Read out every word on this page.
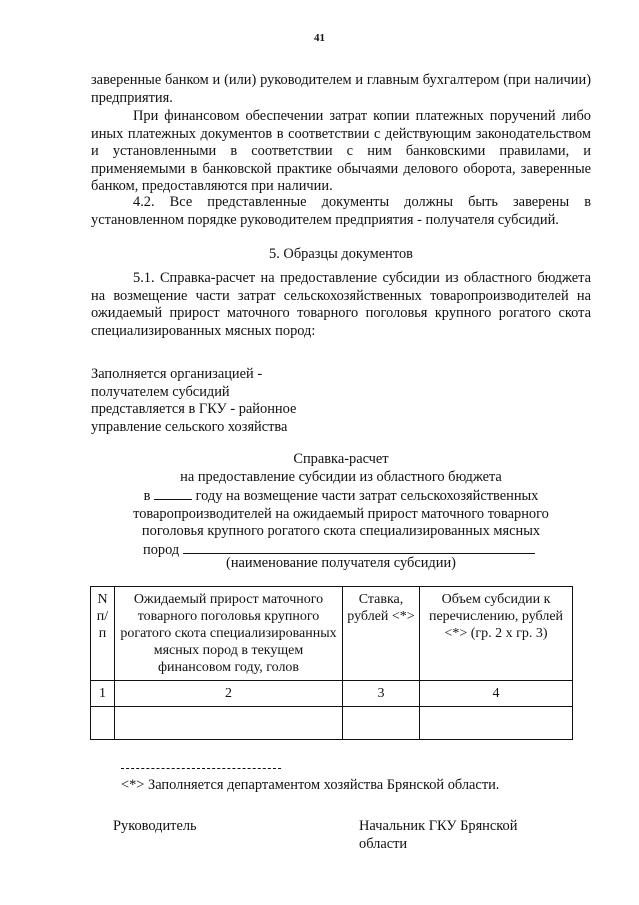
41
заверенные банком и (или) руководителем и главным бухгалтером (при наличии) предприятия.
При финансовом обеспечении затрат копии платежных поручений либо иных платежных документов в соответствии с действующим законодательством и установленными в соответствии с ним банковскими правилами, и применяемыми в банковской практике обычаями делового оборота, заверенные банком, предоставляются при наличии.
4.2. Все представленные документы должны быть заверены в установленном порядке руководителем предприятия - получателя субсидий.
5. Образцы документов
5.1. Справка-расчет на предоставление субсидии из областного бюджета на возмещение части затрат сельскохозяйственных товаропроизводителей на ожидаемый прирост маточного товарного поголовья крупного рогатого скота специализированных мясных пород:

Заполняется организацией -

получателем субсидий

представляется в ГКУ - районное

управление сельского хозяйства

Справка-расчет
на предоставление субсидии из областного бюджета
в	году на возмещение части затрат сельскохозяйственных
товаропроизводителей на ожидаемый прирост маточного товарного
поголовья крупного рогатого скота специализированных мясных
пород
(наименование получателя субсидии)
N п/п	Ожидаемый прирост маточного товарного поголовья крупного рогатого скота специализированных мясных пород в текущем финансовом году, голов	Ставка, рублей <*>	Объем субсидии к перечислению, рублей <*> (гр. 2 x гр. 3)
1	2	3	4

<*> Заполняется департаментом хозяйства Брянской области.
Руководитель	Начальник ГКУ Брянской области
